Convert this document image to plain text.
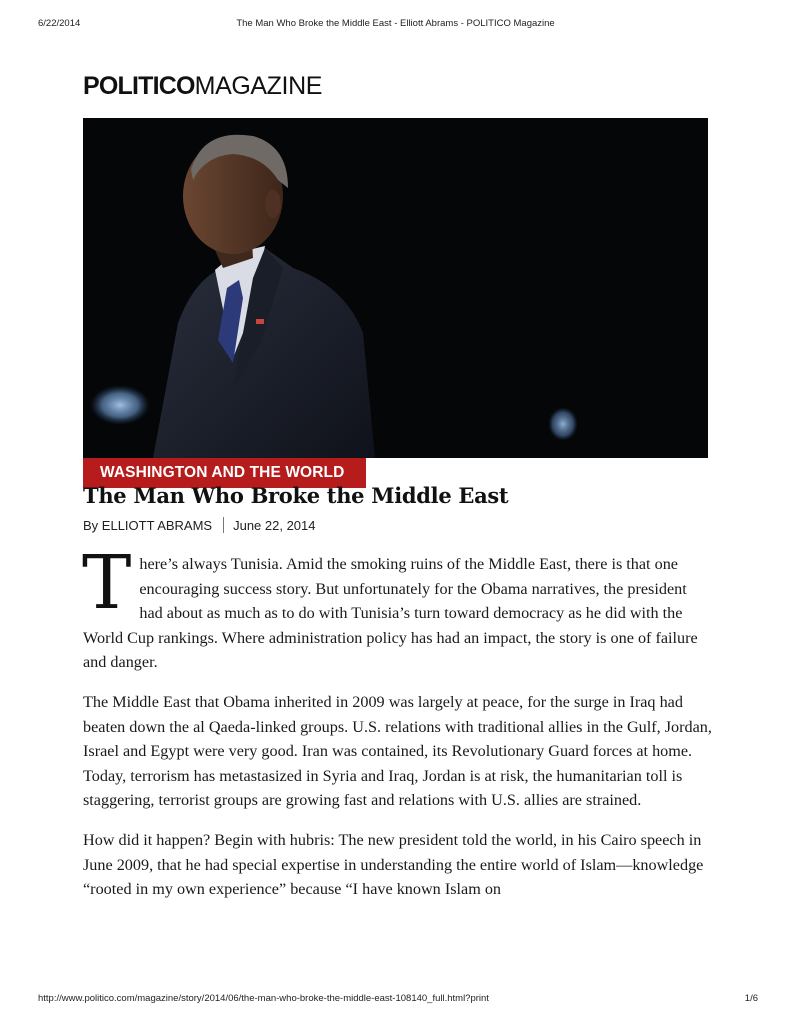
6/22/2014	The Man Who Broke the Middle East - Elliott Abrams - POLITICO Magazine
POLITICOMAGAZINE
WASHINGTON AND THE WORLD
The Man Who Broke the Middle East
By
ELLIOTT ABRAMS June 22, 2014

There’s always Tunisia. Amid the smoking ruins of the Middle East, there is that one encouraging success story. But unfortunately for the Obama narratives, the president had about as much as to do with Tunisia’s turn toward democracy as he did with the World Cup rankings. Where administration policy has had an impact, the story is one of failure and danger.

The Middle East that Obama inherited in 2009 was largely at peace, for the surge in Iraq had beaten down the al Qaeda-linked groups. U.S. relations with traditional allies in the Gulf, Jordan, Israel and Egypt were very good. Iran was contained, its Revolutionary Guard forces at home. Today, terrorism has metastasized in Syria and Iraq, Jordan is at risk, the humanitarian toll is staggering, terrorist groups are growing fast and relations with U.S. allies are strained.

How did it happen? Begin with hubris: The new president told the world, in his Cairo speech in June 2009, that he had special expertise in understanding the entire world of Islam—knowledge “rooted in my own experience” because “I have known Islam on

http://www.politico.com/magazine/story/2014/06/the-man-who-broke-the-middle-east-108140_full.html?print	1/6
